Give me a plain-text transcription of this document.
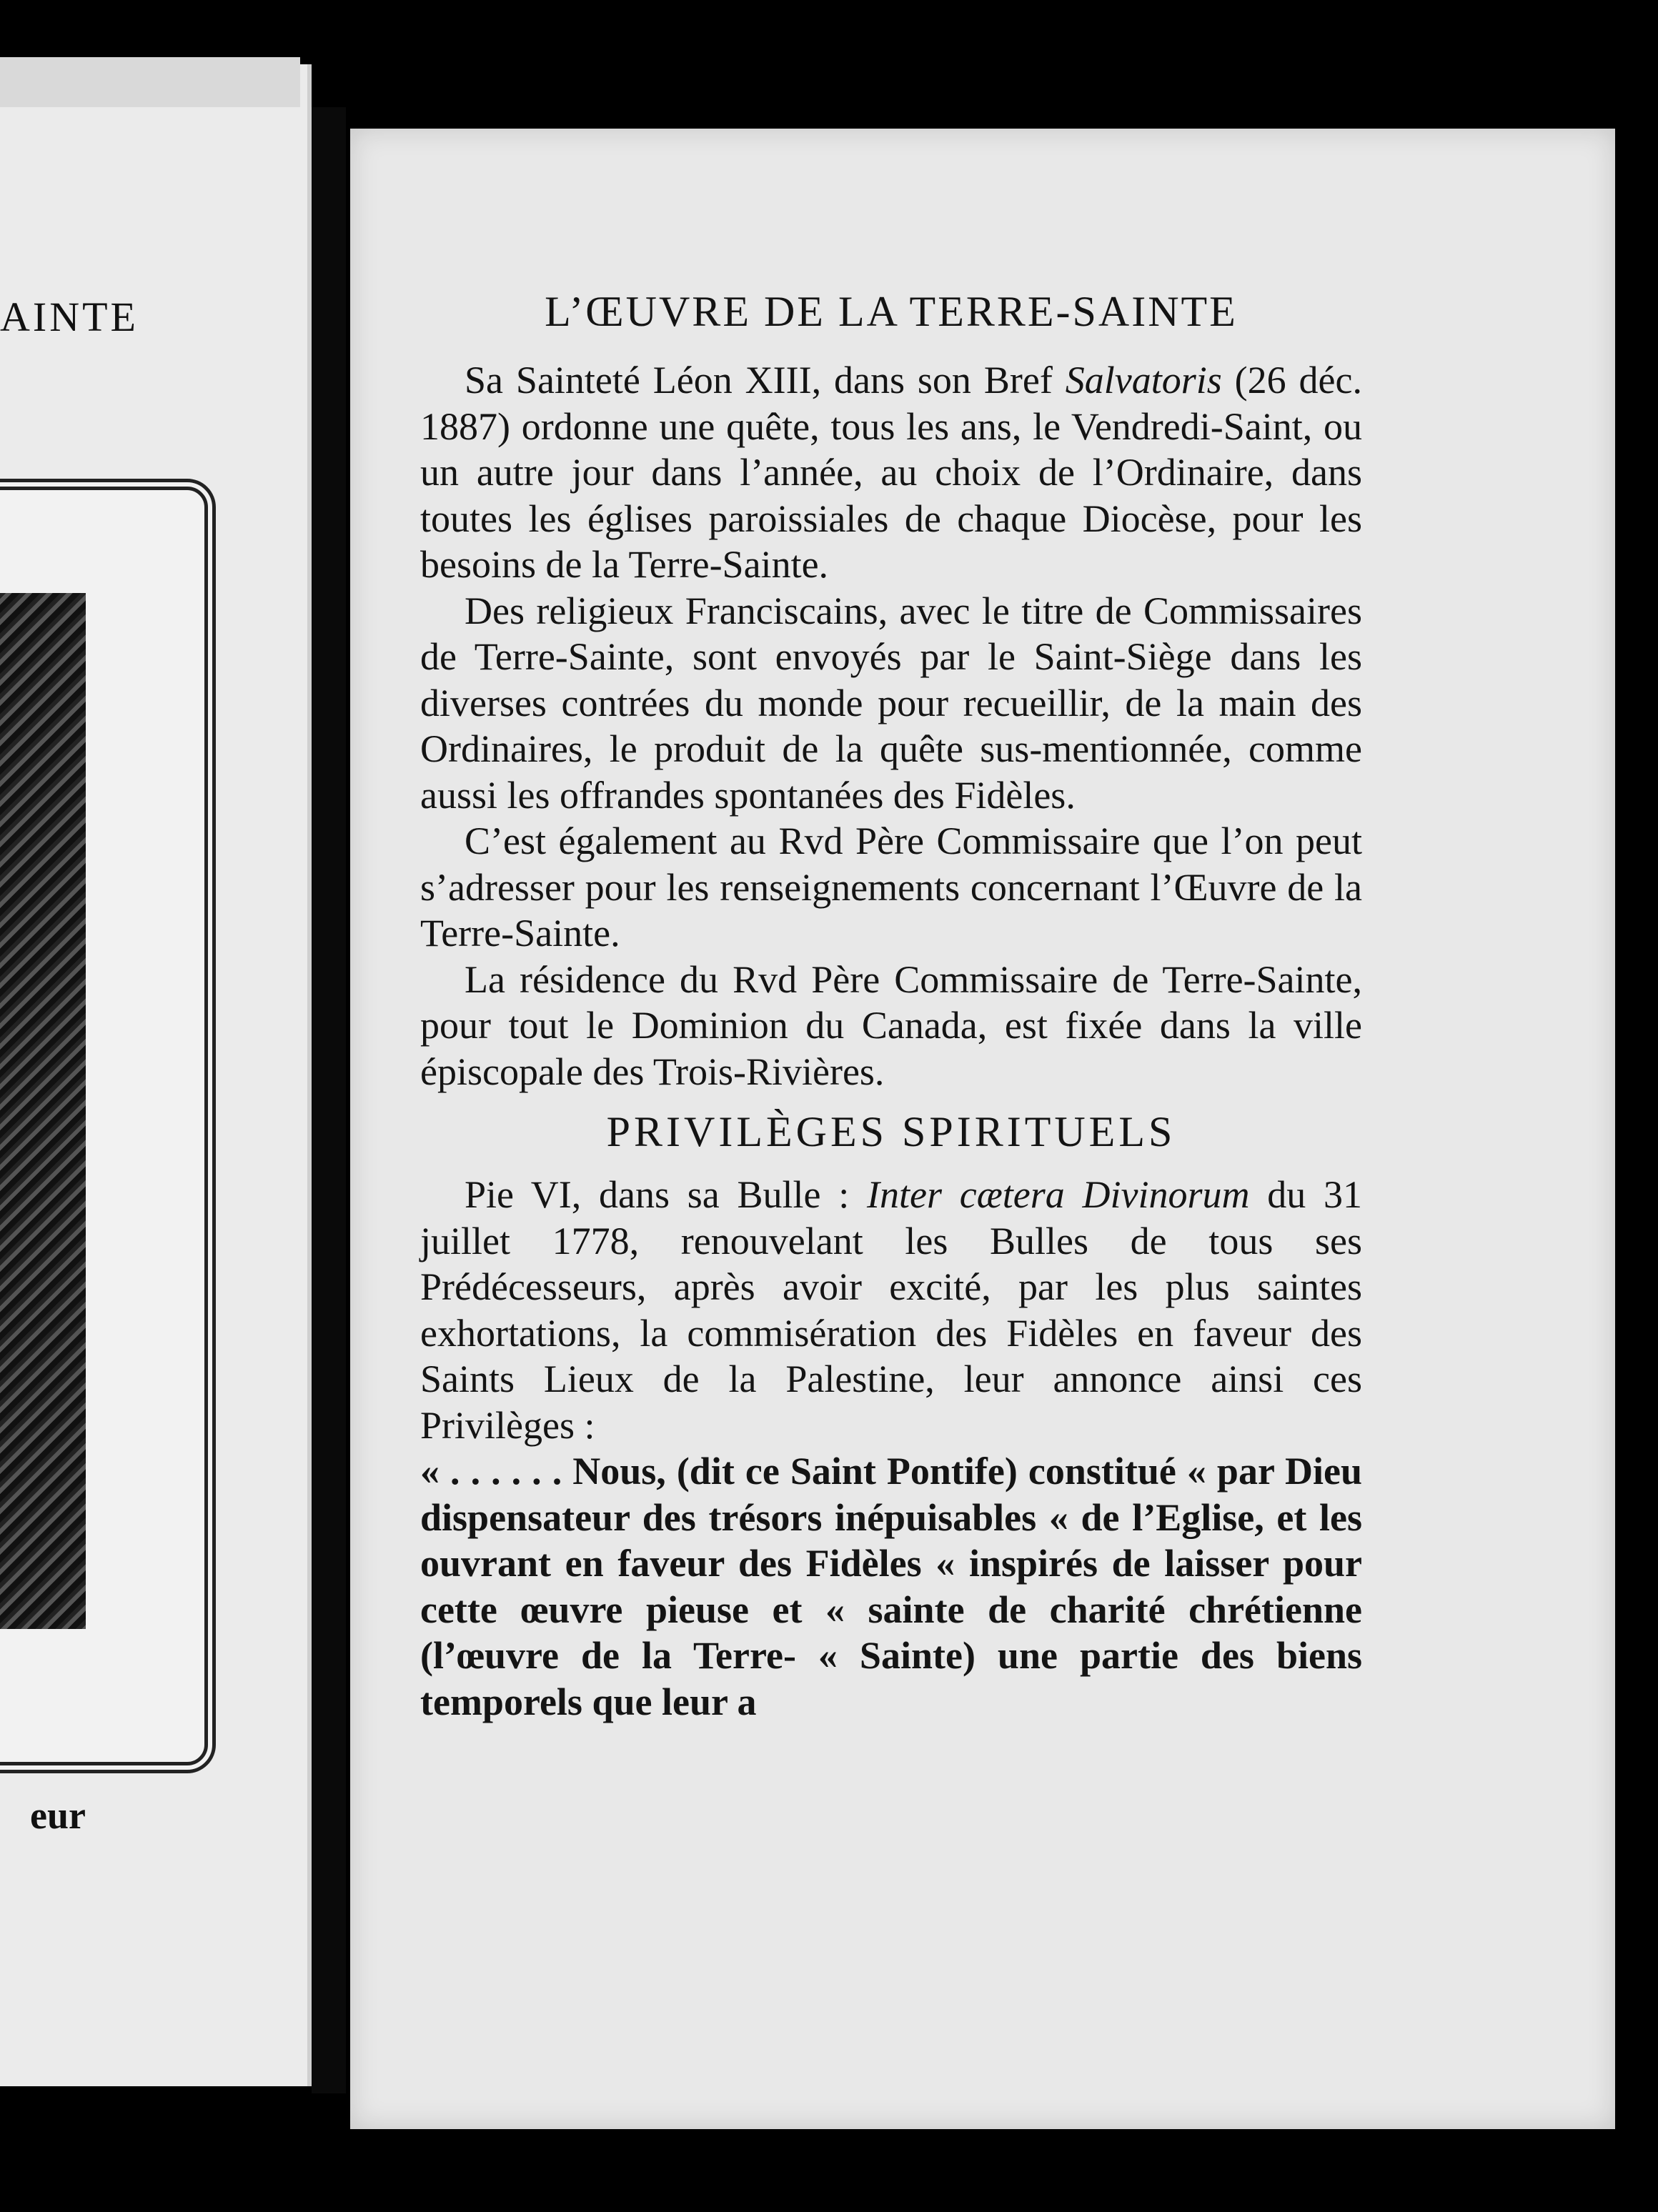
AINTE
eur
L’ŒUVRE DE LA TERRE-SAINTE

Sa Sainteté Léon XIII, dans son Bref Salvatoris (26 déc. 1887) ordonne une quête, tous les ans, le Vendredi-Saint, ou un autre jour dans l’année, au choix de l’Ordinaire, dans toutes les églises paroissiales de chaque Diocèse, pour les besoins de la Terre-Sainte.

Des religieux Franciscains, avec le titre de Commissaires de Terre-Sainte, sont envoyés par le Saint-Siège dans les diverses contrées du monde pour recueillir, de la main des Ordinaires, le produit de la quête sus-mentionnée, comme aussi les offrandes spontanées des Fidèles.

C’est également au Rvd Père Commissaire que l’on peut s’adresser pour les renseignements concernant l’Œuvre de la Terre-Sainte.

La résidence du Rvd Père Commissaire de Terre-Sainte, pour tout le Dominion du Canada, est fixée dans la ville épiscopale des Trois-Rivières.

PRIVILÈGES SPIRITUELS

Pie VI, dans sa Bulle : Inter cætera Divinorum du 31 juillet 1778, renouvelant les Bulles de tous ses Prédécesseurs, après avoir excité, par les plus saintes exhortations, la commisération des Fidèles en faveur des Saints Lieux de la Palestine, leur annonce ainsi ces Privilèges :

« . . . . . . Nous, (dit ce Saint Pontife) constitué « par Dieu dispensateur des trésors inépuisables « de l’Eglise, et les ouvrant en faveur des Fidèles « inspirés de laisser pour cette œuvre pieuse et « sainte de charité chrétienne (l’œuvre de la Terre- « Sainte) une partie des biens temporels que leur a
